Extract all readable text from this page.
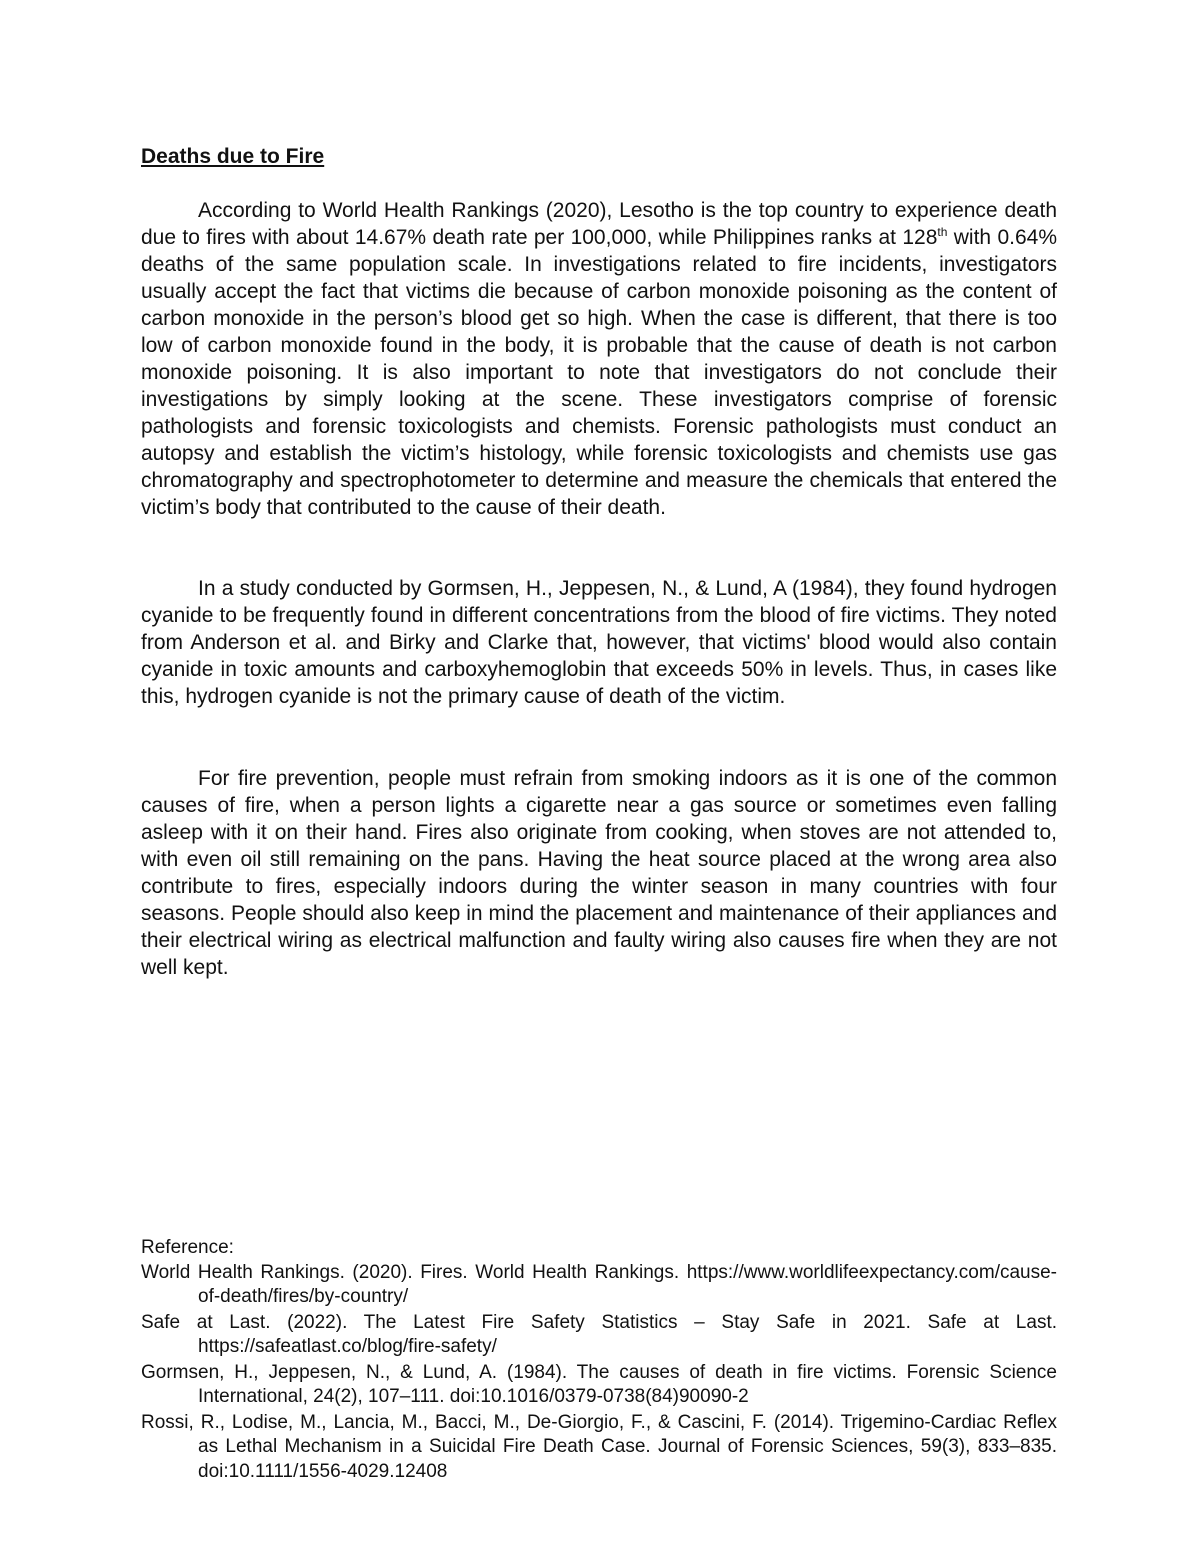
Deaths due to Fire

According to World Health Rankings (2020), Lesotho is the top country to experience death due to fires with about 14.67% death rate per 100,000, while Philippines ranks at 128th with 0.64% deaths of the same population scale. In investigations related to fire incidents, investigators usually accept the fact that victims die because of carbon monoxide poisoning as the content of carbon monoxide in the person’s blood get so high. When the case is different, that there is too low of carbon monoxide found in the body, it is probable that the cause of death is not carbon monoxide poisoning. It is also important to note that investigators do not conclude their investigations by simply looking at the scene. These investigators comprise of forensic pathologists and forensic toxicologists and chemists. Forensic pathologists must conduct an autopsy and establish the victim’s histology, while forensic toxicologists and chemists use gas chromatography and spectrophotometer to determine and measure the chemicals that entered the victim’s body that contributed to the cause of their death.

In a study conducted by Gormsen, H., Jeppesen, N., & Lund, A (1984), they found hydrogen cyanide to be frequently found in different concentrations from the blood of fire victims. They noted from Anderson et al. and Birky and Clarke that, however, that victims' blood would also contain cyanide in toxic amounts and carboxyhemoglobin that exceeds 50% in levels. Thus, in cases like this, hydrogen cyanide is not the primary cause of death of the victim.

For fire prevention, people must refrain from smoking indoors as it is one of the common causes of fire, when a person lights a cigarette near a gas source or sometimes even falling asleep with it on their hand. Fires also originate from cooking, when stoves are not attended to, with even oil still remaining on the pans. Having the heat source placed at the wrong area also contribute to fires, especially indoors during the winter season in many countries with four seasons. People should also keep in mind the placement and maintenance of their appliances and their electrical wiring as electrical malfunction and faulty wiring also causes fire when they are not well kept.

Reference:

World Health Rankings. (2020). Fires. World Health Rankings. https://www.worldlifeexpectancy.com/cause-of-death/fires/by-country/

Safe at Last. (2022). The Latest Fire Safety Statistics – Stay Safe in 2021. Safe at Last. https://safeatlast.co/blog/fire-safety/

Gormsen, H., Jeppesen, N., & Lund, A. (1984). The causes of death in fire victims. Forensic Science International, 24(2), 107–111. doi:10.1016/0379-0738(84)90090-2

Rossi, R., Lodise, M., Lancia, M., Bacci, M., De-Giorgio, F., & Cascini, F. (2014). Trigemino-Cardiac Reflex as Lethal Mechanism in a Suicidal Fire Death Case. Journal of Forensic Sciences, 59(3), 833–835. doi:10.1111/1556-4029.12408
